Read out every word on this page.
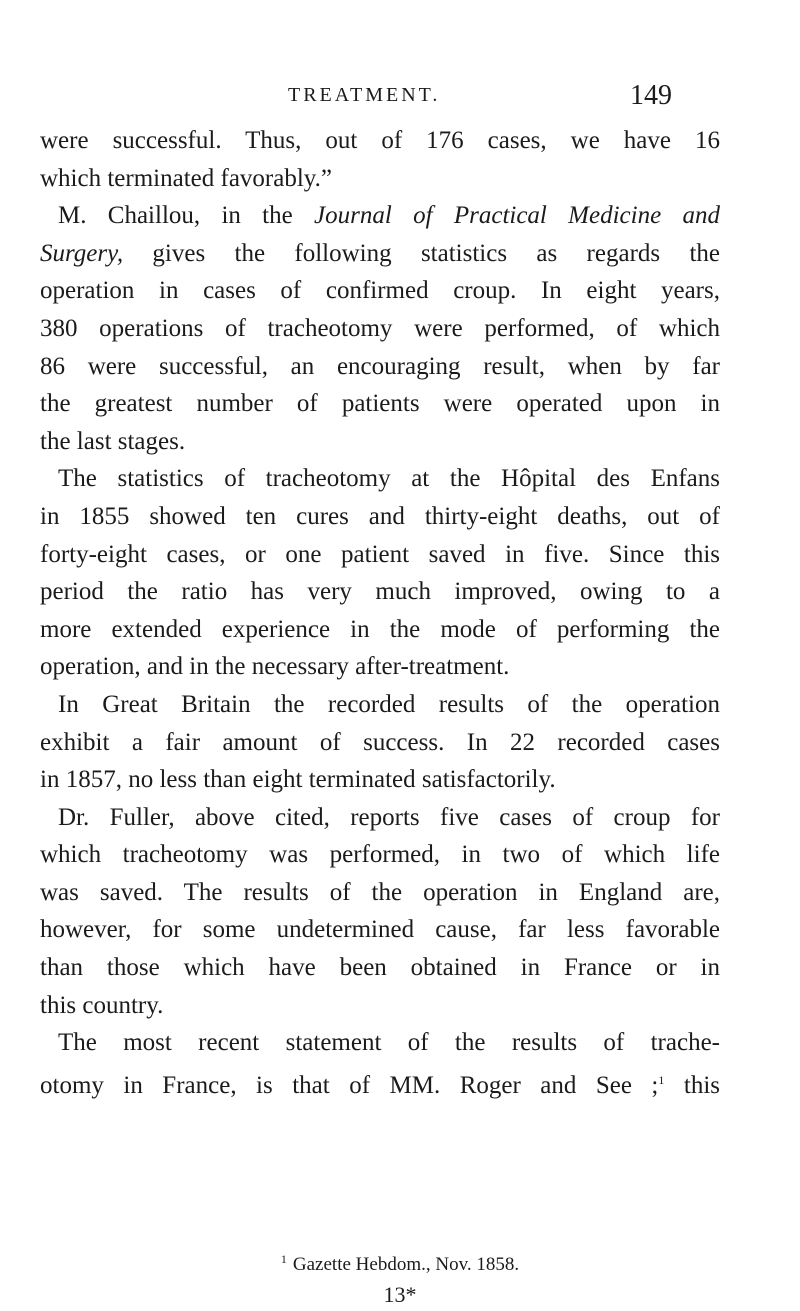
TREATMENT.	149
were successful. Thus, out of 176 cases, we have 16
which terminated favorably.”
M. Chaillou, in the Journal of Practical Medicine and
Surgery, gives the following statistics as regards the
operation in cases of confirmed croup. In eight years,
380 operations of tracheotomy were performed, of which
86 were successful, an encouraging result, when by far
the greatest number of patients were operated upon in
the last stages.
The statistics of tracheotomy at the Hôpital des Enfans
in 1855 showed ten cures and thirty-eight deaths, out of
forty-eight cases, or one patient saved in five. Since this
period the ratio has very much improved, owing to a
more extended experience in the mode of performing the
operation, and in the necessary after-treatment.
In Great Britain the recorded results of the operation
exhibit a fair amount of success. In 22 recorded cases
in 1857, no less than eight terminated satisfactorily.
Dr. Fuller, above cited, reports five cases of croup for
which tracheotomy was performed, in two of which life
was saved. The results of the operation in England are,
however, for some undetermined cause, far less favorable
than those which have been obtained in France or in
this country.
The most recent statement of the results of trache-
otomy in France, is that of MM. Roger and See ;$^1$ this
$^1$ Gazette Hebdom., Nov. 1858.
13*
